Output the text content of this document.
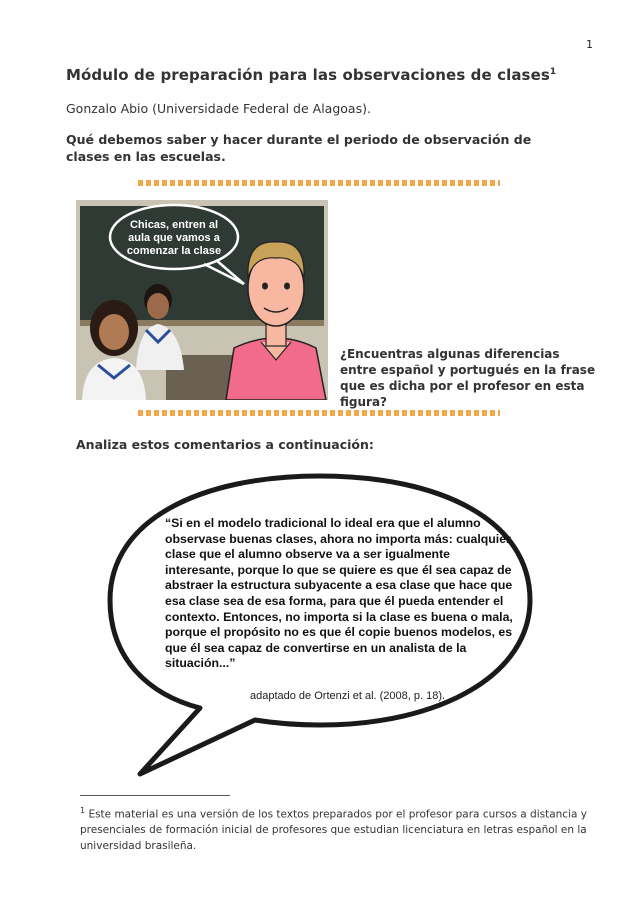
1
Módulo de preparación para las observaciones de clases$^1$
Gonzalo Abio (Universidade Federal de Alagoas).
Qué debemos saber y hacer durante el periodo de observación de clases en las escuelas.
Chicas, entren al
aula que vamos a
comenzar la clase
¿Encuentras algunas diferencias entre español y portugués en la frase que es dicha por el profesor en esta figura?
Analiza estos comentarios a continuación:
“Si en el modelo tradicional lo ideal era que el alumno observase buenas clases, ahora no importa más: cualquier clase que el alumno observe va a ser igualmente interesante, porque lo que se quiere es que él sea capaz de abstraer la estructura subyacente a esa clase que hace que esa clase sea de esa forma, para que él pueda entender el contexto. Entonces, no importa si la clase es buena o mala, porque el propósito no es que él copie buenos modelos, es que él sea capaz de convertirse en un analista de la situación...”
adaptado de Ortenzi et al. (2008, p. 18).
$^1$ Este material es una versión de los textos preparados por el profesor para cursos a distancia y presenciales de formación inicial de profesores que estudian licenciatura en letras español en la universidad brasileña.
